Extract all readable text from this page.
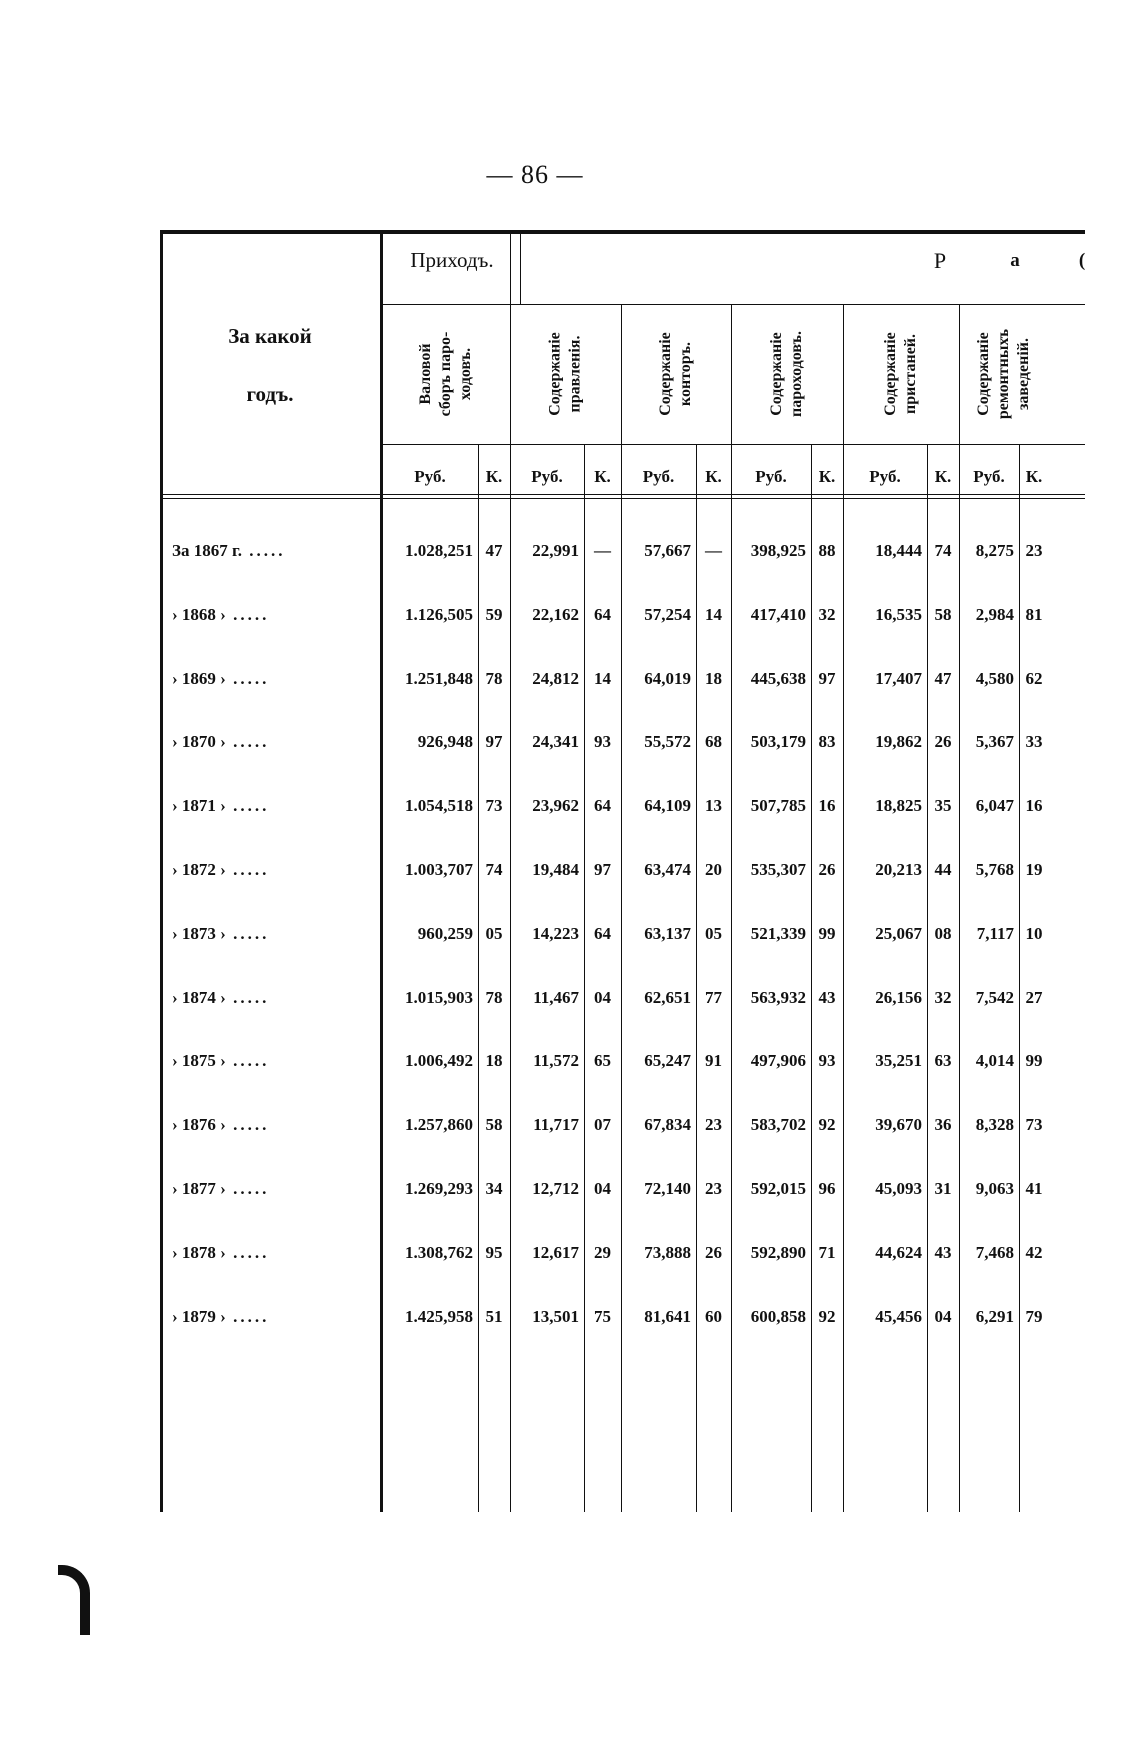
— 86 —
За какой
годъ.
Приходъ.	Р	а	(
Валовой
сборъ паро-
ходовъ.
Руб.	К.
Содержаніе
правленія.
Руб.	К.
Содержаніе
конторъ.
Руб.	К.
Содержаніе
пароходовъ.
Руб.	К.
Содержаніе
пристаней.
Руб.	К.
Содержаніе
ремонтныхъ
заведеній.
Руб.	К.
За 1867 г. .....	1.028,251 47	22,991 —	57,667 —	398,925 88	18,444 74	8,275 23
› 1868 › .....	1.126,505 59	22,162 64	57,254 14	417,410 32	16,535 58	2,984 81
› 1869 › .....	1.251,848 78	24,812 14	64,019 18	445,638 97	17,407 47	4,580 62
› 1870 › .....	926,948 97	24,341 93	55,572 68	503,179 83	19,862 26	5,367 33
› 1871 › .....	1.054,518 73	23,962 64	64,109 13	507,785 16	18,825 35	6,047 16
› 1872 › .....	1.003,707 74	19,484 97	63,474 20	535,307 26	20,213 44	5,768 19
› 1873 › .....	960,259 05	14,223 64	63,137 05	521,339 99	25,067 08	7,117 10
› 1874 › .....	1.015,903 78	11,467 04	62,651 77	563,932 43	26,156 32	7,542 27
› 1875 › .....	1.006,492 18	11,572 65	65,247 91	497,906 93	35,251 63	4,014 99
› 1876 › .....	1.257,860 58	11,717 07	67,834 23	583,702 92	39,670 36	8,328 73
› 1877 › .....	1.269,293 34	12,712 04	72,140 23	592,015 96	45,093 31	9,063 41
› 1878 › .....	1.308,762 95	12,617 29	73,888 26	592,890 71	44,624 43	7,468 42
› 1879 › .....	1.425,958 51	13,501 75	81,641 60	600,858 92	45,456 04	6,291 79
